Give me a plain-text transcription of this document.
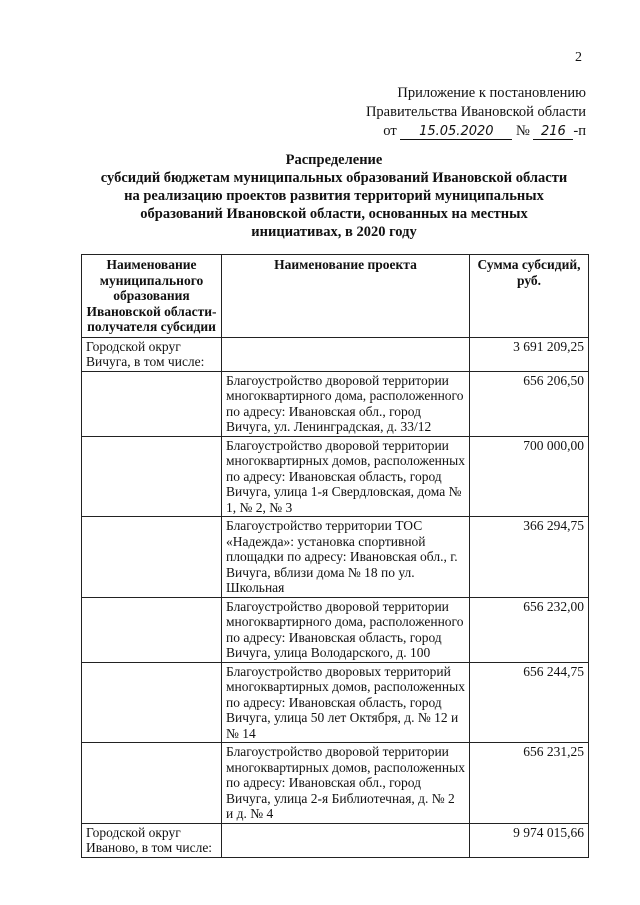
2
Приложение к постановлению
Правительства Ивановской области
от 15.05.2020 № 216 -п
Распределение
субсидий бюджетам муниципальных образований Ивановской области
на реализацию проектов развития территорий муниципальных
образований Ивановской области, основанных на местных
инициативах, в 2020 году
Наименование муниципального образования Ивановской области-получателя субсидии	Наименование проекта	Сумма субсидий, руб.
Городской округ Вичуга, в том числе:		3 691 209,25
	Благоустройство дворовой территории многоквартирного дома, расположенного по адресу: Ивановская обл., город Вичуга, ул. Ленинградская, д. 33/12	656 206,50
	Благоустройство дворовой территории многоквартирных домов, расположенных по адресу: Ивановская область, город Вичуга, улица 1-я Свердловская, дома № 1, № 2, № 3	700 000,00
	Благоустройство территории ТОС «Надежда»: установка спортивной площадки по адресу: Ивановская обл., г. Вичуга, вблизи дома № 18 по ул. Школьная	366 294,75
	Благоустройство дворовой территории многоквартирного дома, расположенного по адресу: Ивановская область, город Вичуга, улица Володарского, д. 100	656 232,00
	Благоустройство дворовых территорий многоквартирных домов, расположенных по адресу: Ивановская область, город Вичуга, улица 50 лет Октября, д. № 12 и № 14	656 244,75
	Благоустройство дворовой территории многоквартирных домов, расположенных по адресу: Ивановская обл., город Вичуга, улица 2-я Библиотечная, д. № 2 и д. № 4	656 231,25
Городской округ Иваново, в том числе:		9 974 015,66
